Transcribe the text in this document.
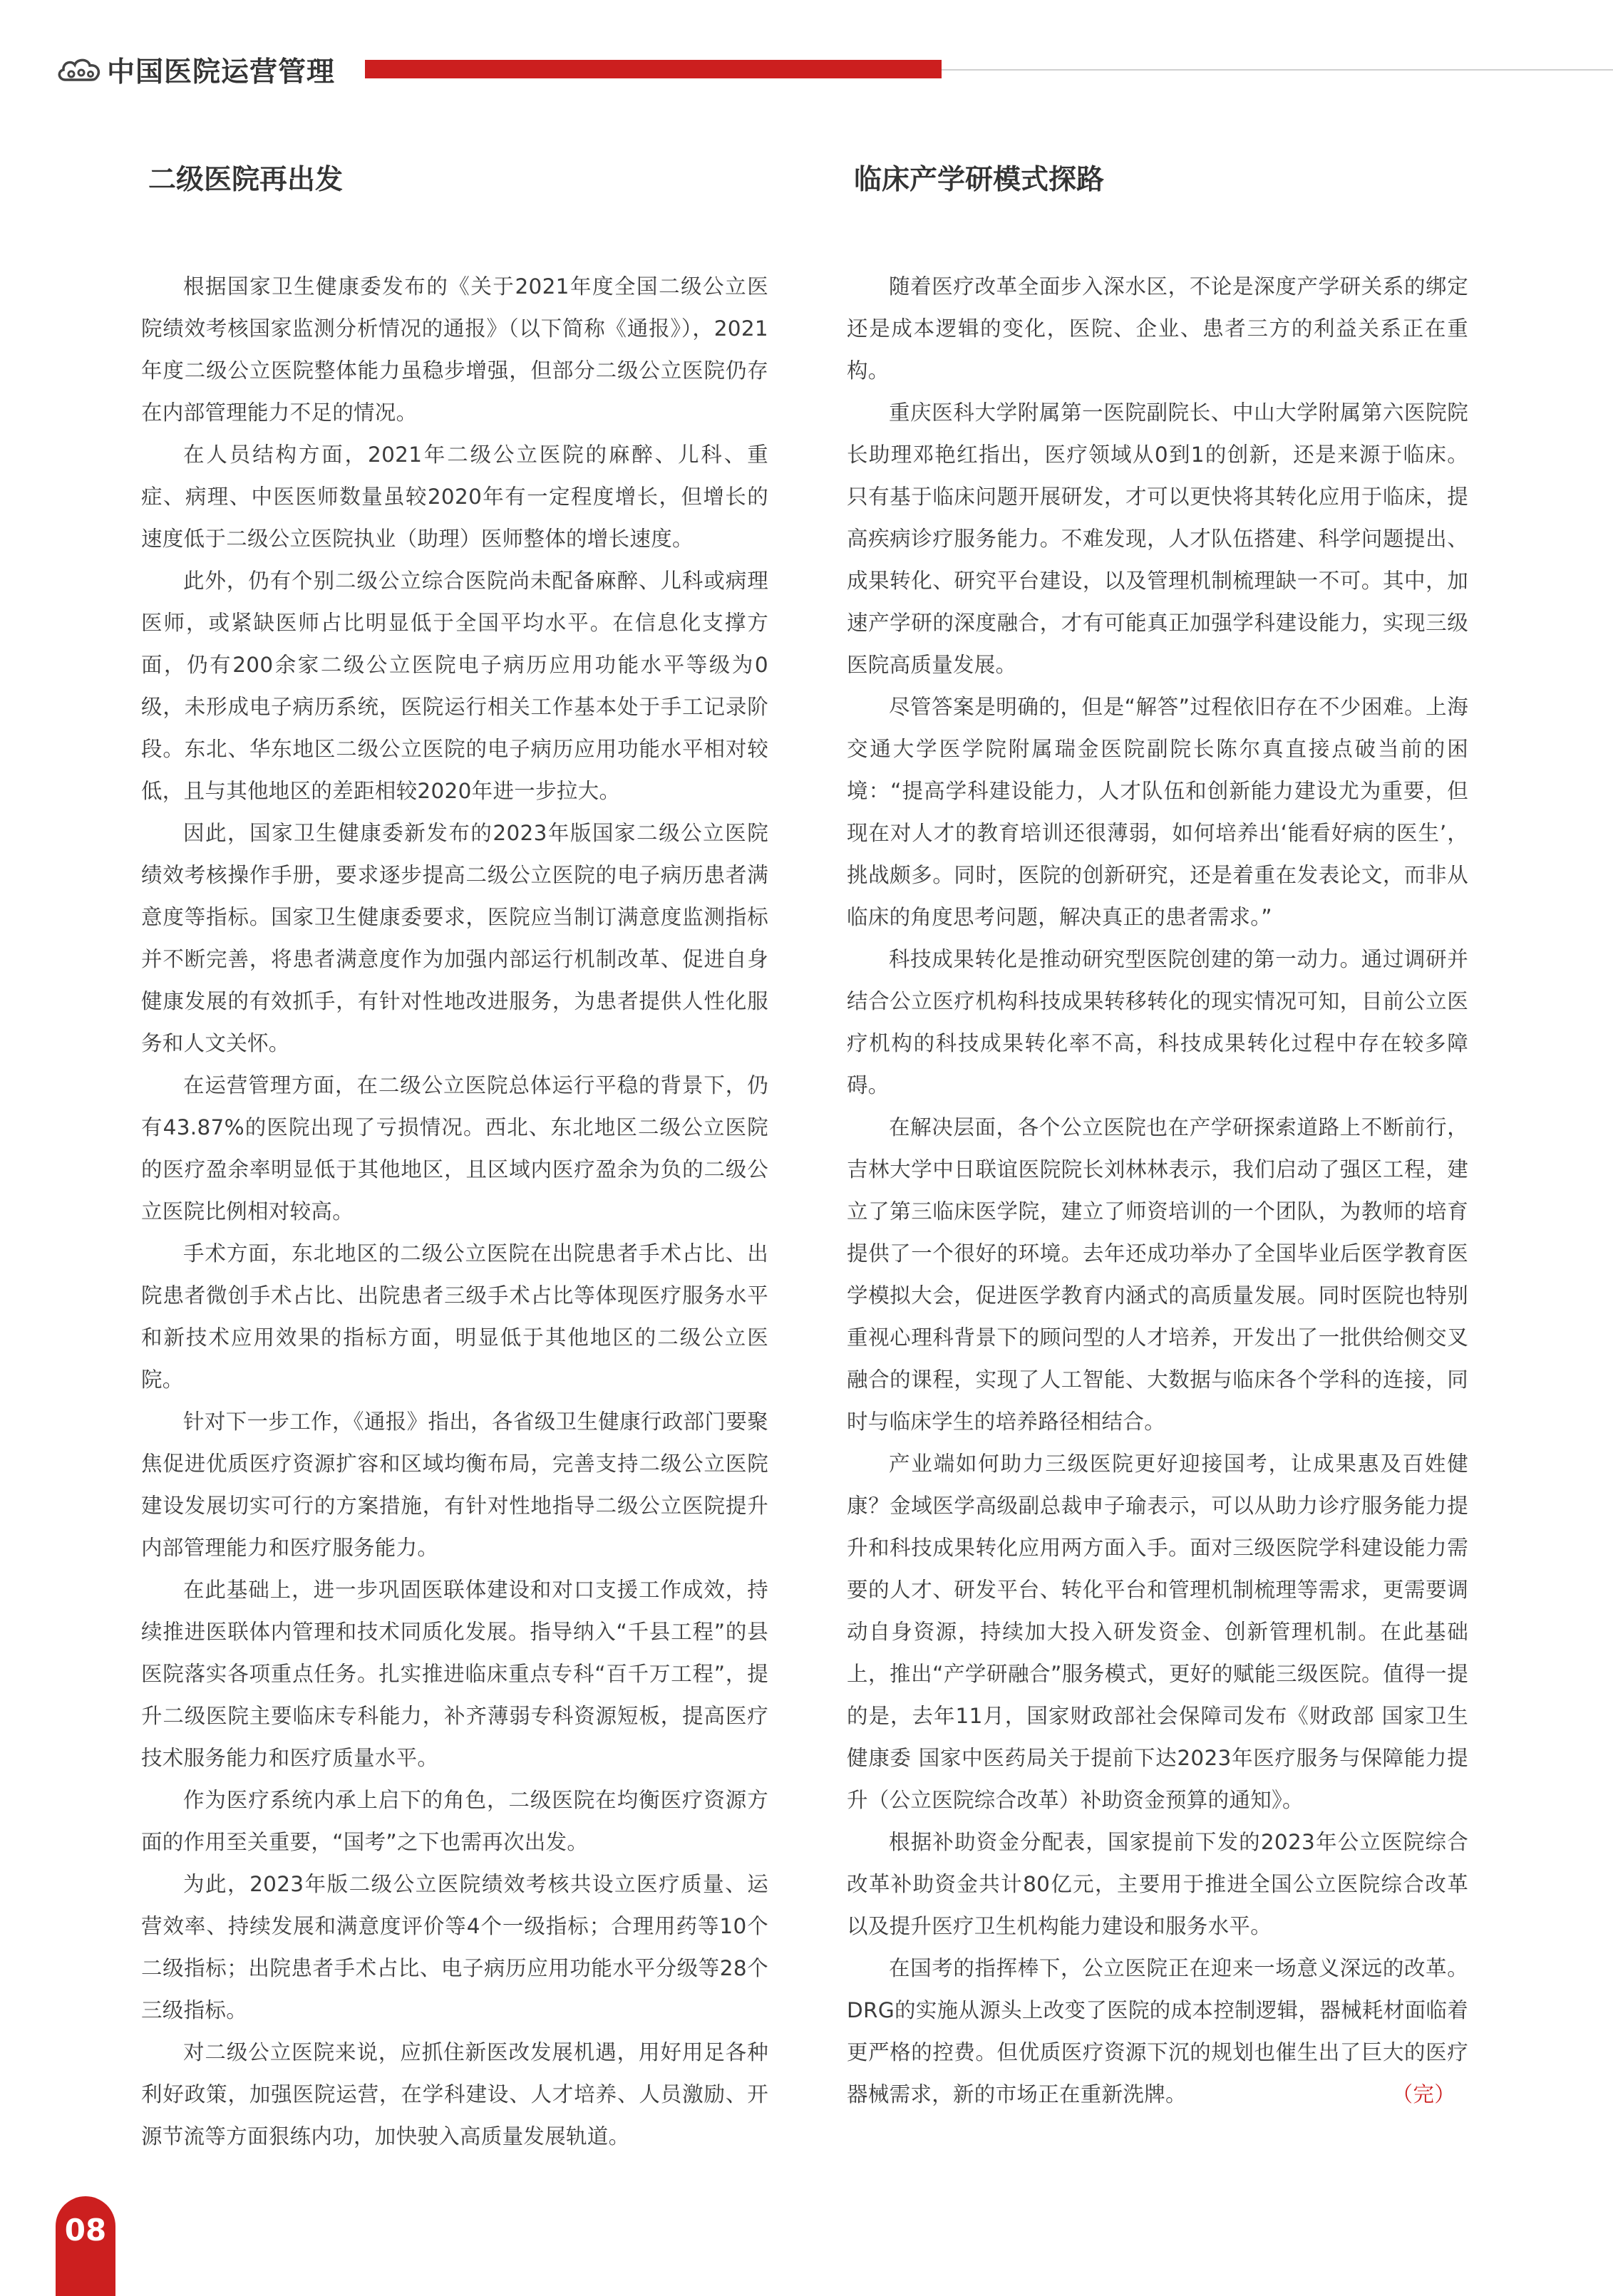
中国医院运营管理
二级医院再出发

根据国家卫生健康委发布的《关于2021年度全国二级公立医院绩效考核国家监测分析情况的通报》（以下简称《通报》），2021年度二级公立医院整体能力虽稳步增强，但部分二级公立医院仍存在内部管理能力不足的情况。

在人员结构方面，2021年二级公立医院的麻醉、儿科、重症、病理、中医医师数量虽较2020年有一定程度增长，但增长的速度低于二级公立医院执业（助理）医师整体的增长速度。

此外，仍有个别二级公立综合医院尚未配备麻醉、儿科或病理医师，或紧缺医师占比明显低于全国平均水平。在信息化支撑方面，仍有200余家二级公立医院电子病历应用功能水平等级为0级，未形成电子病历系统，医院运行相关工作基本处于手工记录阶段。东北、华东地区二级公立医院的电子病历应用功能水平相对较低，且与其他地区的差距相较2020年进一步拉大。

因此，国家卫生健康委新发布的2023年版国家二级公立医院绩效考核操作手册，要求逐步提高二级公立医院的电子病历患者满意度等指标。国家卫生健康委要求，医院应当制订满意度监测指标并不断完善，将患者满意度作为加强内部运行机制改革、促进自身健康发展的有效抓手，有针对性地改进服务，为患者提供人性化服务和人文关怀。

在运营管理方面，在二级公立医院总体运行平稳的背景下，仍有43.87%的医院出现了亏损情况。西北、东北地区二级公立医院的医疗盈余率明显低于其他地区，且区域内医疗盈余为负的二级公立医院比例相对较高。

手术方面，东北地区的二级公立医院在出院患者手术占比、出院患者微创手术占比、出院患者三级手术占比等体现医疗服务水平和新技术应用效果的指标方面，明显低于其他地区的二级公立医院。

针对下一步工作，《通报》指出，各省级卫生健康行政部门要聚焦促进优质医疗资源扩容和区域均衡布局，完善支持二级公立医院建设发展切实可行的方案措施，有针对性地指导二级公立医院提升内部管理能力和医疗服务能力。

在此基础上，进一步巩固医联体建设和对口支援工作成效，持续推进医联体内管理和技术同质化发展。指导纳入“千县工程”的县医院落实各项重点任务。扎实推进临床重点专科“百千万工程”，提升二级医院主要临床专科能力，补齐薄弱专科资源短板，提高医疗技术服务能力和医疗质量水平。

作为医疗系统内承上启下的角色，二级医院在均衡医疗资源方面的作用至关重要，“国考”之下也需再次出发。

为此，2023年版二级公立医院绩效考核共设立医疗质量、运营效率、持续发展和满意度评价等4个一级指标；合理用药等10个二级指标；出院患者手术占比、电子病历应用功能水平分级等28个三级指标。

对二级公立医院来说，应抓住新医改发展机遇，用好用足各种利好政策，加强医院运营，在学科建设、人才培养、人员激励、开源节流等方面狠练内功，加快驶入高质量发展轨道。

临床产学研模式探路

随着医疗改革全面步入深水区，不论是深度产学研关系的绑定还是成本逻辑的变化，医院、企业、患者三方的利益关系正在重构。

重庆医科大学附属第一医院副院长、中山大学附属第六医院院长助理邓艳红指出，医疗领域从0到1的创新，还是来源于临床。只有基于临床问题开展研发，才可以更快将其转化应用于临床，提高疾病诊疗服务能力。不难发现，人才队伍搭建、科学问题提出、成果转化、研究平台建设，以及管理机制梳理缺一不可。其中，加速产学研的深度融合，才有可能真正加强学科建设能力，实现三级医院高质量发展。

尽管答案是明确的，但是“解答”过程依旧存在不少困难。上海交通大学医学院附属瑞金医院副院长陈尔真直接点破当前的困境：“提高学科建设能力，人才队伍和创新能力建设尤为重要，但现在对人才的教育培训还很薄弱，如何培养出‘能看好病的医生’，挑战颇多。同时，医院的创新研究，还是着重在发表论文，而非从临床的角度思考问题，解决真正的患者需求。”

科技成果转化是推动研究型医院创建的第一动力。通过调研并结合公立医疗机构科技成果转移转化的现实情况可知，目前公立医疗机构的科技成果转化率不高，科技成果转化过程中存在较多障碍。

在解决层面，各个公立医院也在产学研探索道路上不断前行，吉林大学中日联谊医院院长刘林林表示，我们启动了强区工程，建立了第三临床医学院，建立了师资培训的一个团队，为教师的培育提供了一个很好的环境。去年还成功举办了全国毕业后医学教育医学模拟大会，促进医学教育内涵式的高质量发展。同时医院也特别重视心理科背景下的顾问型的人才培养，开发出了一批供给侧交叉融合的课程，实现了人工智能、大数据与临床各个学科的连接，同时与临床学生的培养路径相结合。

产业端如何助力三级医院更好迎接国考，让成果惠及百姓健康？金域医学高级副总裁申子瑜表示，可以从助力诊疗服务能力提升和科技成果转化应用两方面入手。面对三级医院学科建设能力需要的人才、研发平台、转化平台和管理机制梳理等需求，更需要调动自身资源，持续加大投入研发资金、创新管理机制。在此基础上，推出“产学研融合”服务模式，更好的赋能三级医院。值得一提的是，去年11月，国家财政部社会保障司发布《财政部 国家卫生健康委 国家中医药局关于提前下达2023年医疗服务与保障能力提升（公立医院综合改革）补助资金预算的通知》。

根据补助资金分配表，国家提前下发的2023年公立医院综合改革补助资金共计80亿元，主要用于推进全国公立医院综合改革以及提升医疗卫生机构能力建设和服务水平。

在国考的指挥棒下，公立医院正在迎来一场意义深远的改革。DRG的实施从源头上改变了医院的成本控制逻辑，器械耗材面临着更严格的控费。但优质医疗资源下沉的规划也催生出了巨大的医疗器械需求，新的市场正在重新洗牌。	（完）

08
